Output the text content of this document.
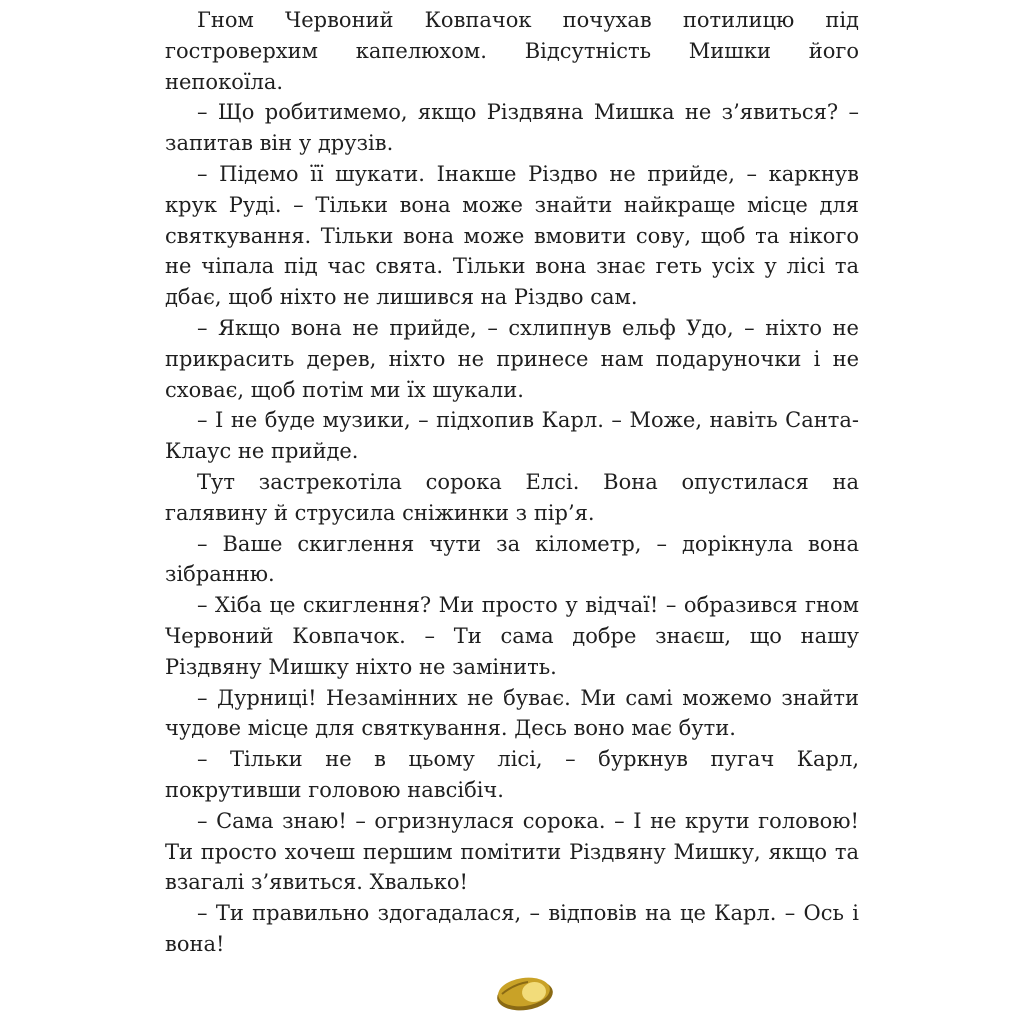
Гном Червоний Ковпачок почухав потилицю під гостроверхим капелюхом. Відсутність Мишки його непокоїла.

– Що робитимемо, якщо Різдвяна Мишка не з’явиться? – запитав він у друзів.

– Підемо її шукати. Інакше Різдво не прийде, – каркнув крук Руді. – Тільки вона може знайти найкраще місце для святкування. Тільки вона може вмовити сову, щоб та нікого не чіпала під час свята. Тільки вона знає геть усіх у лісі та дбає, щоб ніхто не лишився на Різдво сам.

– Якщо вона не прийде, – схлипнув ельф Удо, – ніхто не прикрасить дерев, ніхто не принесе нам подаруночки і не сховає, щоб потім ми їх шукали.

– І не буде музики, – підхопив Карл. – Може, навіть Санта-Клаус не прийде.

Тут застрекотіла сорока Елсі. Вона опустилася на галявину й струсила сніжинки з пір’я.

– Ваше скиглення чути за кілометр, – дорікнула вона зібранню.

– Хіба це скиглення? Ми просто у відчаї! – образився гном Червоний Ковпачок. – Ти сама добре знаєш, що нашу Різдвяну Мишку ніхто не замінить.

– Дурниці! Незамінних не буває. Ми самі можемо знайти чудове місце для святкування. Десь воно має бути.

– Тільки не в цьому лісі, – буркнув пугач Карл, покрутивши головою навсібіч.

– Сама знаю! – огризнулася сорока. – І не крути головою! Ти просто хочеш першим помітити Різдвяну Мишку, якщо та взагалі з’явиться. Хвалько!

– Ти правильно здогадалася, – відповів на це Карл. – Ось і вона!
